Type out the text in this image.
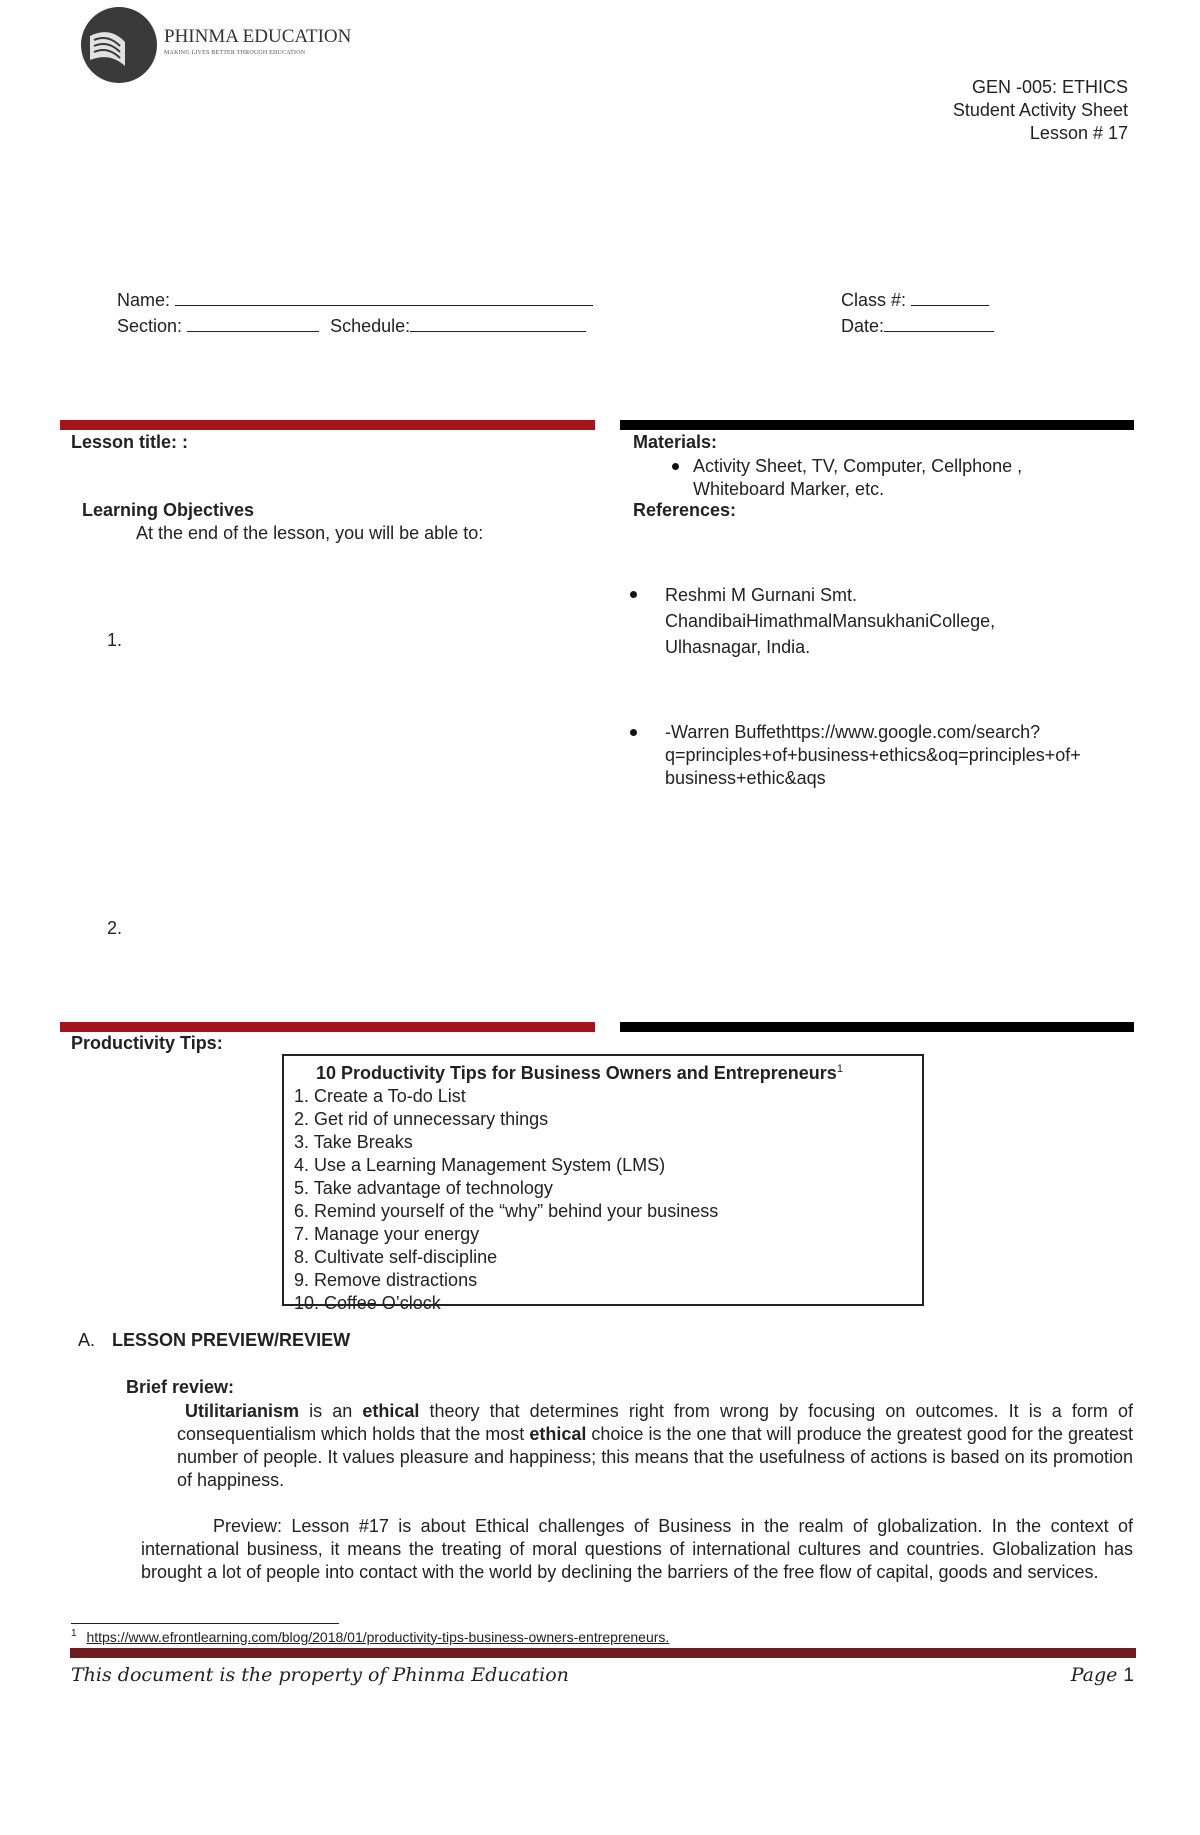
PHINMA EDUCATION
MAKING LIVES BETTER THROUGH EDUCATION
GEN -005: ETHICS
Student Activity Sheet
Lesson # 17
Name:
Section:	Schedule:
Class #:
Date:
Lesson title: :
Learning Objectives
At the end of the lesson, you will be able to:
1.
2.
Materials:
Activity Sheet, TV, Computer, Cellphone ,
Whiteboard Marker, etc.
References:
Reshmi M Gurnani Smt.
ChandibaiHimathmalMansukhaniCollege,
Ulhasnagar, India.
-Warren Buffethttps://www.google.com/search?
q=principles+of+business+ethics&oq=principles+of+
business+ethic&aqs
Productivity Tips:
10 Productivity Tips for Business Owners and Entrepreneurs$^1$
1. Create a To-do List
2. Get rid of unnecessary things
3. Take Breaks
4. Use a Learning Management System (LMS)
5. Take advantage of technology
6. Remind yourself of the “why” behind your business
7. Manage your energy
8. Cultivate self-discipline
9. Remove distractions
10. Coffee O’clock
A. LESSON PREVIEW/REVIEW
Brief review:
Utilitarianism is an ethical theory that determines right from wrong by focusing on outcomes. It is a form of consequentialism which holds that the most ethical choice is the one that will produce the greatest good for the greatest number of people. It values pleasure and happiness; this means that the usefulness of actions is based on its promotion of happiness.
Preview: Lesson #17 is about Ethical challenges of Business in the realm of globalization. In the context of international business, it means the treating of moral questions of international cultures and countries. Globalization has brought a lot of people into contact with the world by declining the barriers of the free flow of capital, goods and services.
$^1$ https://www.efrontlearning.com/blog/2018/01/productivity-tips-business-owners-entrepreneurs.
This document is the property of Phinma Education	Page 1
